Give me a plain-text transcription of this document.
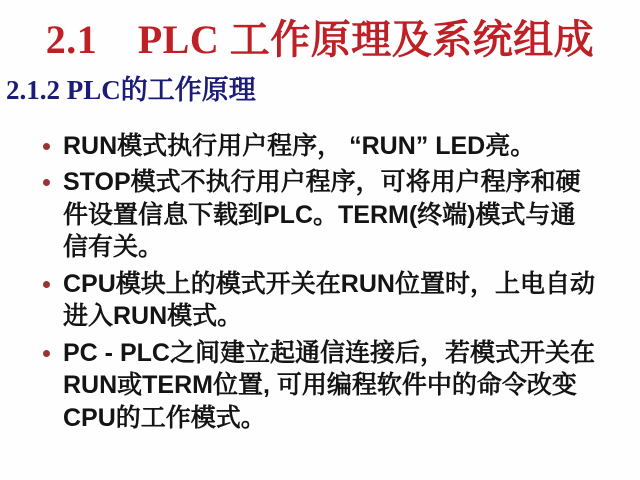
2.1　PLC 工作原理及系统组成
2.1.2 PLC的工作原理
RUN模式执行用户程序， “RUN” LED亮。
STOP模式不执行用户程序，可将用户程序和硬件设置信息下载到PLC。TERM(终端)模式与通信有关。
CPU模块上的模式开关在RUN位置时，上电自动进入RUN模式。
PC - PLC之间建立起通信连接后，若模式开关在RUN或TERM位置, 可用编程软件中的命令改变CPU的工作模式。
